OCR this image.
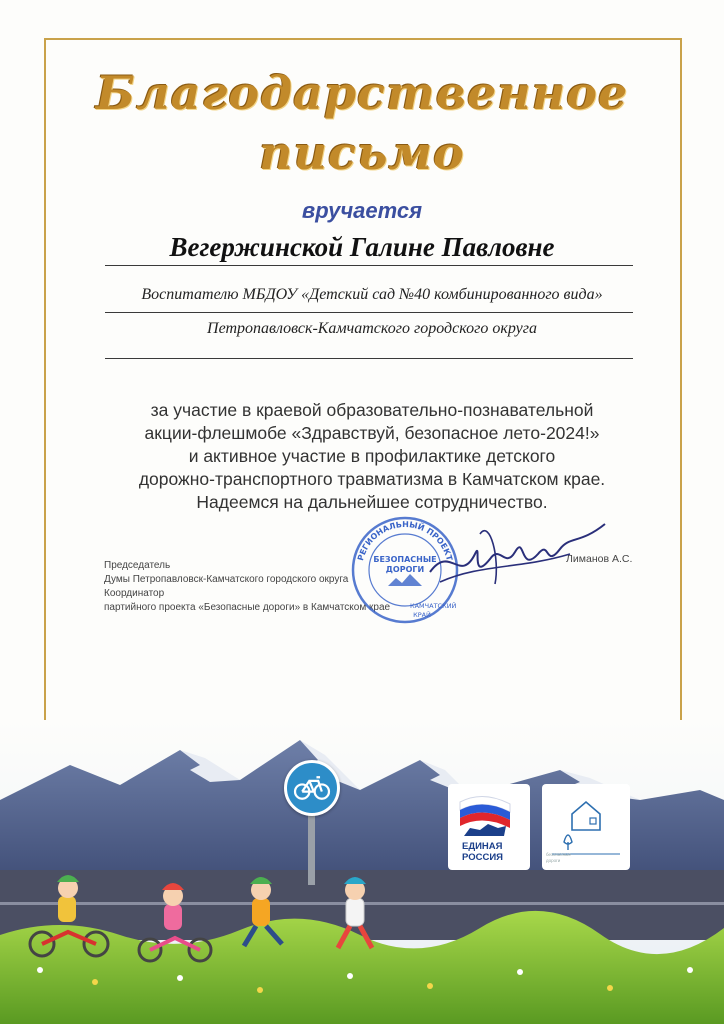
Благодарственное
письмо
вручается
Вегержинской Галине Павловне
Воспитателю МБДОУ «Детский сад №40 комбинированного вида»
Петропавловск-Камчатского городского округа
за участие в краевой образовательно-познавательной
акции-флешмобе «Здравствуй, безопасное лето-2024!»
и активное участие в профилактике детского
дорожно-транспортного травматизма в Камчатском крае.
Надеемся на дальнейшее сотрудничество.
Председатель
Думы Петропавловск-Камчатского городского округа
Координатор
партийного проекта «Безопасные дороги» в Камчатском крае
Лиманов А.С.
РЕГИОНАЛЬНЫЙ ПРОЕКТ
БЕЗОПАСНЫЕ
ДОРОГИ
КАМЧАТСКИЙ
КРАЙ
ЕДИНАЯ
РОССИЯ	безопасные
дороги
